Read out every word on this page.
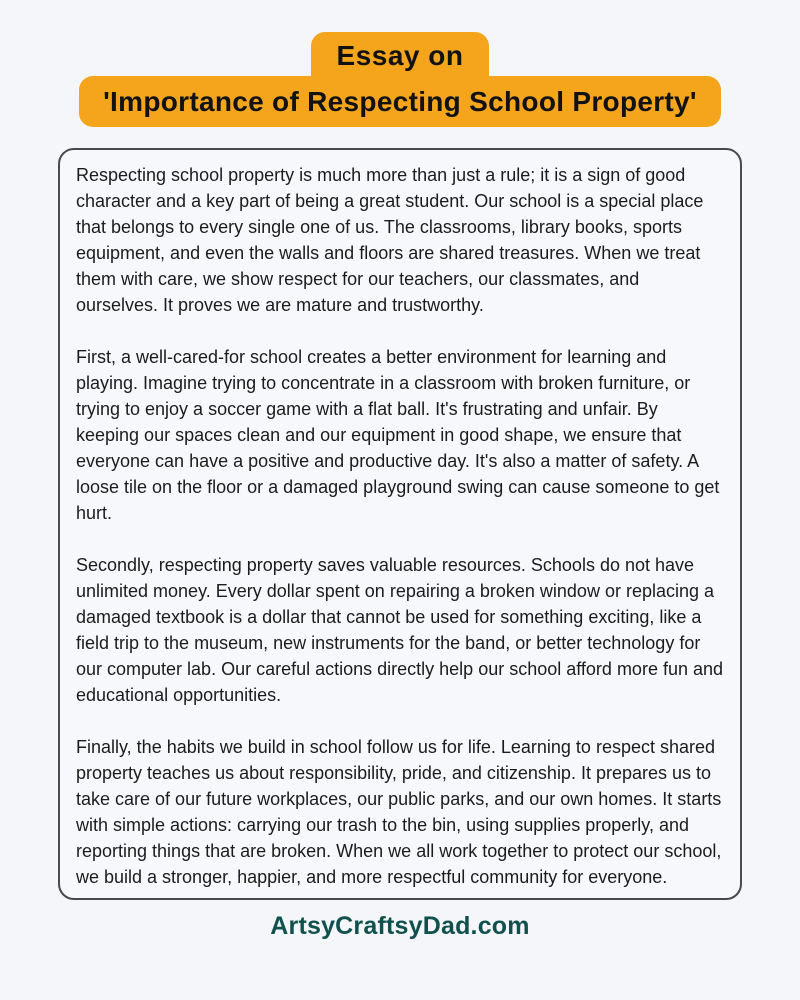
Essay on
'Importance of Respecting School Property'

Respecting school property is much more than just a rule; it is a sign of good character and a key part of being a great student. Our school is a special place that belongs to every single one of us. The classrooms, library books, sports equipment, and even the walls and floors are shared treasures. When we treat them with care, we show respect for our teachers, our classmates, and ourselves. It proves we are mature and trustworthy.

First, a well-cared-for school creates a better environment for learning and playing. Imagine trying to concentrate in a classroom with broken furniture, or trying to enjoy a soccer game with a flat ball. It's frustrating and unfair. By keeping our spaces clean and our equipment in good shape, we ensure that everyone can have a positive and productive day. It's also a matter of safety. A loose tile on the floor or a damaged playground swing can cause someone to get hurt.

Secondly, respecting property saves valuable resources. Schools do not have unlimited money. Every dollar spent on repairing a broken window or replacing a damaged textbook is a dollar that cannot be used for something exciting, like a field trip to the museum, new instruments for the band, or better technology for our computer lab. Our careful actions directly help our school afford more fun and educational opportunities.

Finally, the habits we build in school follow us for life. Learning to respect shared property teaches us about responsibility, pride, and citizenship. It prepares us to take care of our future workplaces, our public parks, and our own homes. It starts with simple actions: carrying our trash to the bin, using supplies properly, and reporting things that are broken. When we all work together to protect our school, we build a stronger, happier, and more respectful community for everyone.

ArtsyCraftsyDad.com
